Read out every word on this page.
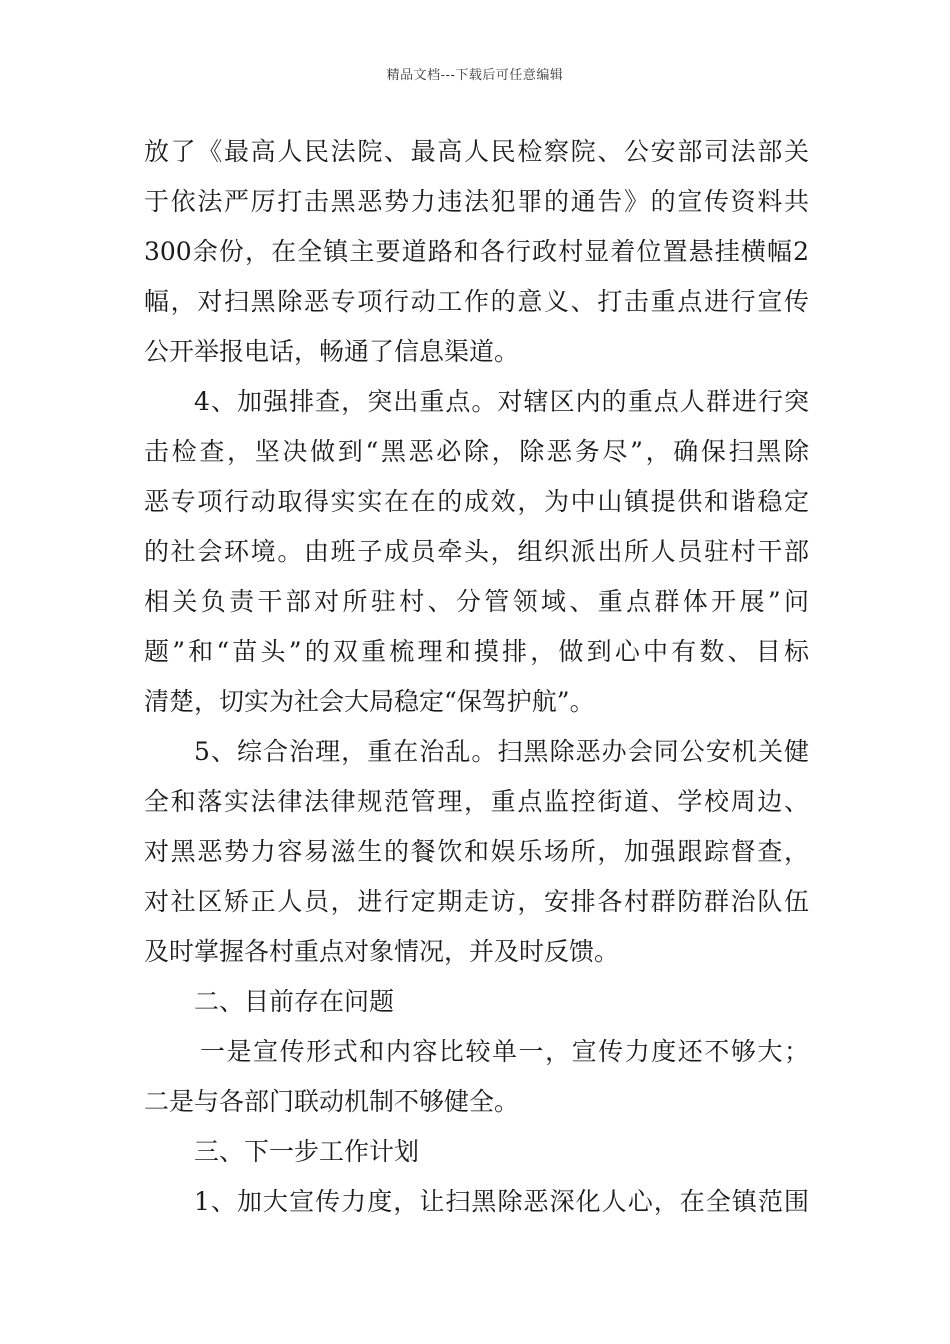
精品文档---下载后可任意编辑
放了《最高人民法院、最高人民检察院、公安部司法部关
于依法严厉打击黑恶势力违法犯罪的通告》的宣传资料共
300余份，在全镇主要道路和各行政村显着位置悬挂横幅2
幅，对扫黑除恶专项行动工作的意义、打击重点进行宣传
公开举报电话，畅通了信息渠道。
4、加强排查，突出重点。对辖区内的重点人群进行突
击检查，坚决做到“黑恶必除，除恶务尽”，确保扫黑除
恶专项行动取得实实在在的成效，为中山镇提供和谐稳定
的社会环境。由班子成员牵头，组织派出所人员驻村干部
相关负责干部对所驻村、分管领域、重点群体开展”问
题”和“苗头”的双重梳理和摸排，做到心中有数、目标
清楚，切实为社会大局稳定“保驾护航”。
5、综合治理，重在治乱。扫黑除恶办会同公安机关健
全和落实法律法律规范管理，重点监控街道、学校周边、
对黑恶势力容易滋生的餐饮和娱乐场所，加强跟踪督查，
对社区矫正人员，进行定期走访，安排各村群防群治队伍
及时掌握各村重点对象情况，并及时反馈。
二、目前存在问题
一是宣传形式和内容比较单一，宣传力度还不够大；
二是与各部门联动机制不够健全。
三、下一步工作计划
1、加大宣传力度，让扫黑除恶深化人心，在全镇范围
